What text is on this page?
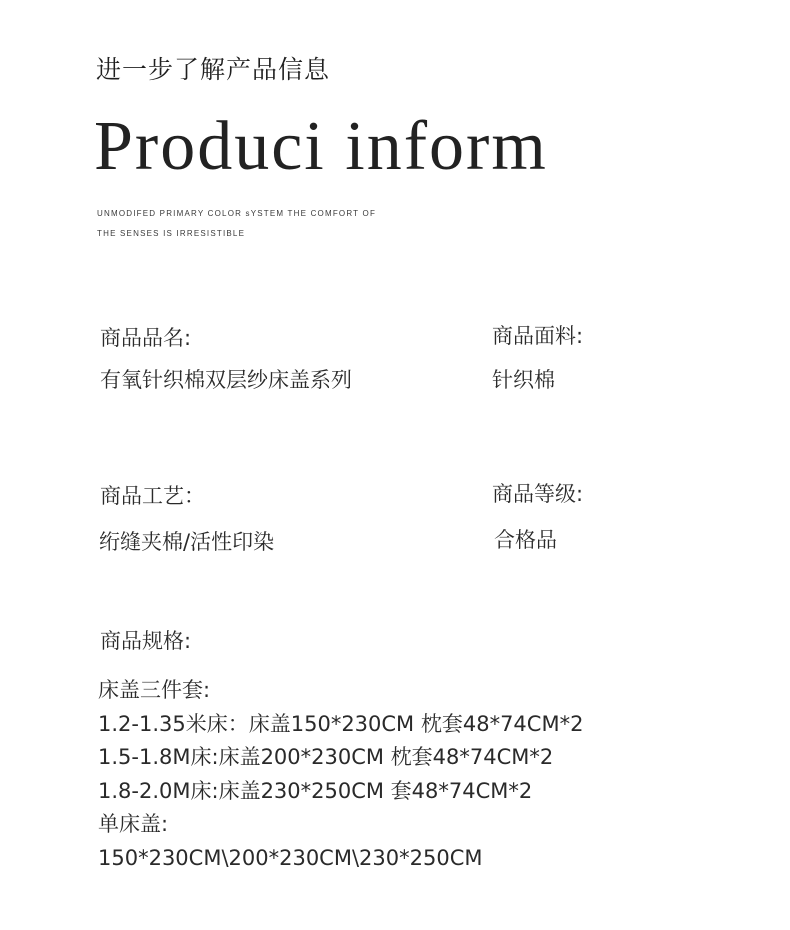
进一步了解产品信息
Produci inform
UNMODIFED PRIMARY COLOR sYSTEM THE COMFORT OF
THE SENSES IS IRRESISTIBLE
商品品名:
有氧针织棉双层纱床盖系列
商品面料:
针织棉
商品工艺：
绗缝夹棉/活性印染
商品等级:
合格品
商品规格:
床盖三件套:
1.2-1.35米床：床盖150*230CM 枕套48*74CM*2
1.5-1.8M床:床盖200*230CM 枕套48*74CM*2
1.8-2.0M床:床盖230*250CM 套48*74CM*2
单床盖:
150*230CM\200*230CM\230*250CM
